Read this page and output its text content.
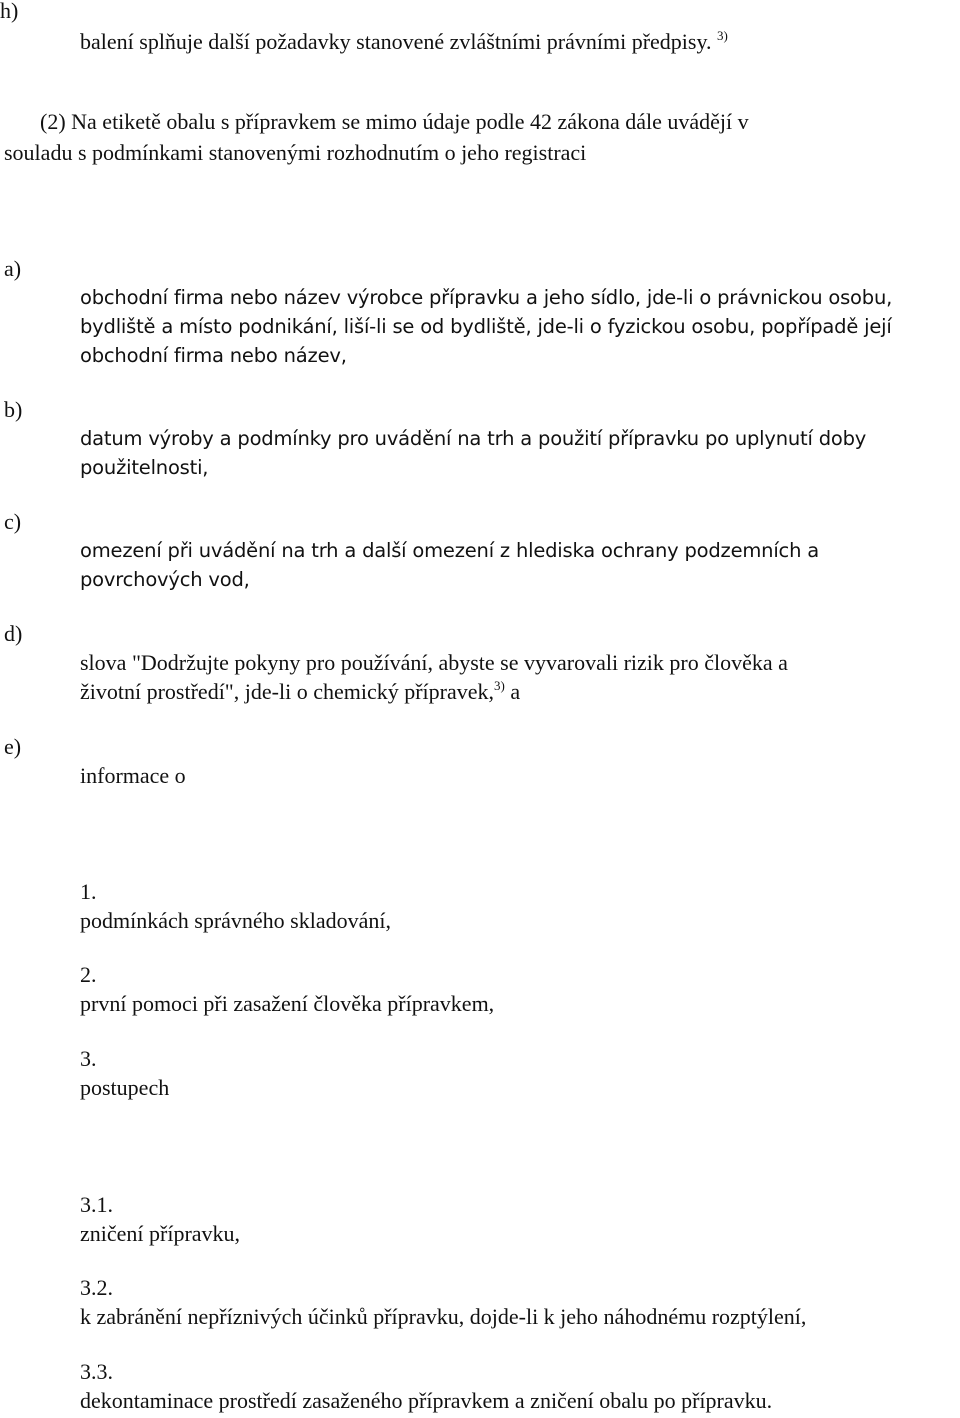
h)
balení splňuje další požadavky stanovené zvláštními právními předpisy. $^{3)}$
(2) Na etiketě obalu s přípravkem se mimo údaje podle 42 zákona dále uvádějí v
souladu s podmínkami stanovenými rozhodnutím o jeho registraci
a)
obchodní firma nebo název výrobce přípravku a jeho sídlo, jde-li o právnickou osobu,
bydliště a místo podnikání, liší-li se od bydliště, jde-li o fyzickou osobu, popřípadě její
obchodní firma nebo název,
b)
datum výroby a podmínky pro uvádění na trh a použití přípravku po uplynutí doby
použitelnosti,
c)
omezení při uvádění na trh a další omezení z hlediska ochrany podzemních a
povrchových vod,
d)
slova "Dodržujte pokyny pro používání, abyste se vyvarovali rizik pro člověka a
životní prostředí", jde-li o chemický přípravek,$^{3)}$ a
e)
informace o
1.
podmínkách správného skladování,
2.
první pomoci při zasažení člověka přípravkem,
3.
postupech
3.1.
zničení přípravku,
3.2.
k zabránění nepříznivých účinků přípravku, dojde-li k jeho náhodnému rozptýlení,
3.3.
dekontaminace prostředí zasaženého přípravkem a zničení obalu po přípravku.
